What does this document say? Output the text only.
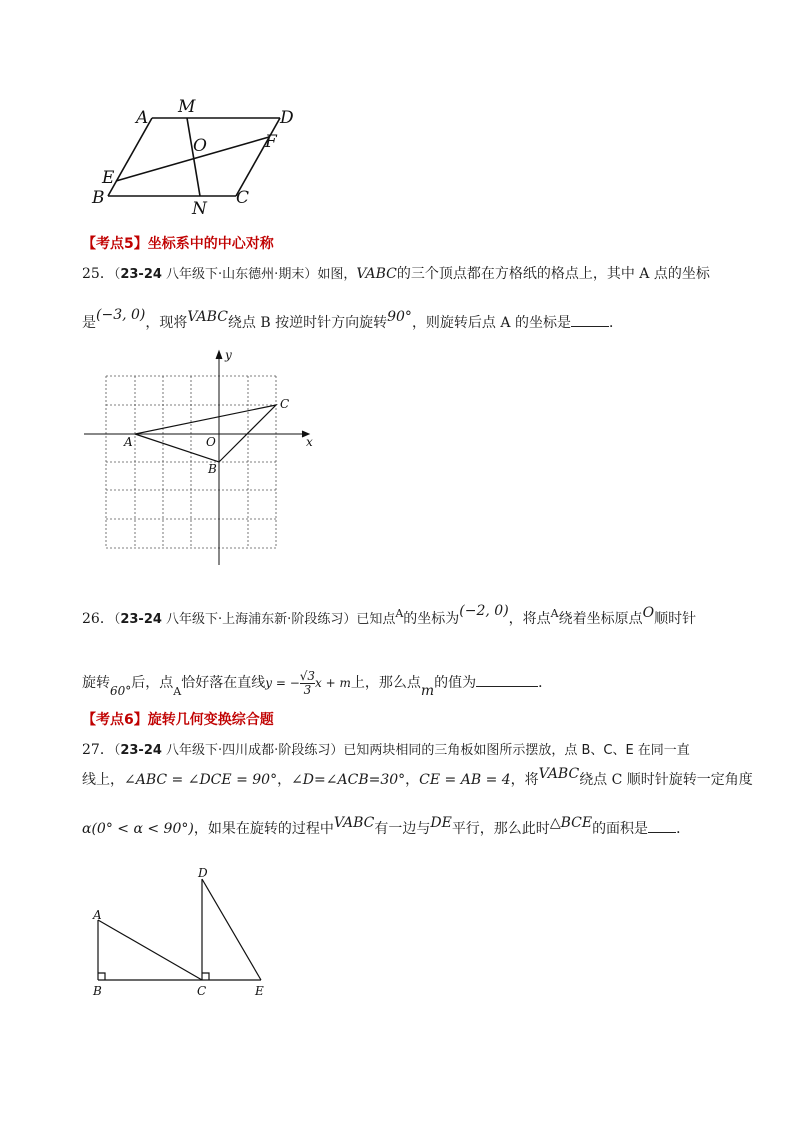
A
M
D
O	F
E
B
N
C
【考点5】坐标系中的中心对称
25．（23-24 八年级下·山东德州·期末）如图，VABC的三个顶点都在方格纸的格点上，其中 A 点的坐标
是(−3, 0)，现将VABC绕点 B 按逆时针方向旋转90°，则旋转后点 A 的坐标是	．
y
x
A	O
B
C
26．（23-24 八年级下·上海浦东新·阶段练习）已知点$^A$的坐标为(−2, 0)，将点$^A$绕着坐标原点O顺时针
旋转60°后，点$_A$恰好落在直线y = − $\frac{√3}{3}$ x + m上，那么点m的值为	．
【考点6】旋转几何变换综合题
27．（23-24 八年级下·四川成都·阶段练习）已知两块相同的三角板如图所示摆放，点 B、C、E 在同一直
线上，∠ABC = ∠DCE = 90°，∠D=∠ACB=30°，CE = AB = 4，将VABC绕点 C 顺时针旋转一定角度
α(0° < α < 90°)，如果在旋转的过程中VABC有一边与DE平行，那么此时△BCE的面积是 ．
D
A
B	C	E
